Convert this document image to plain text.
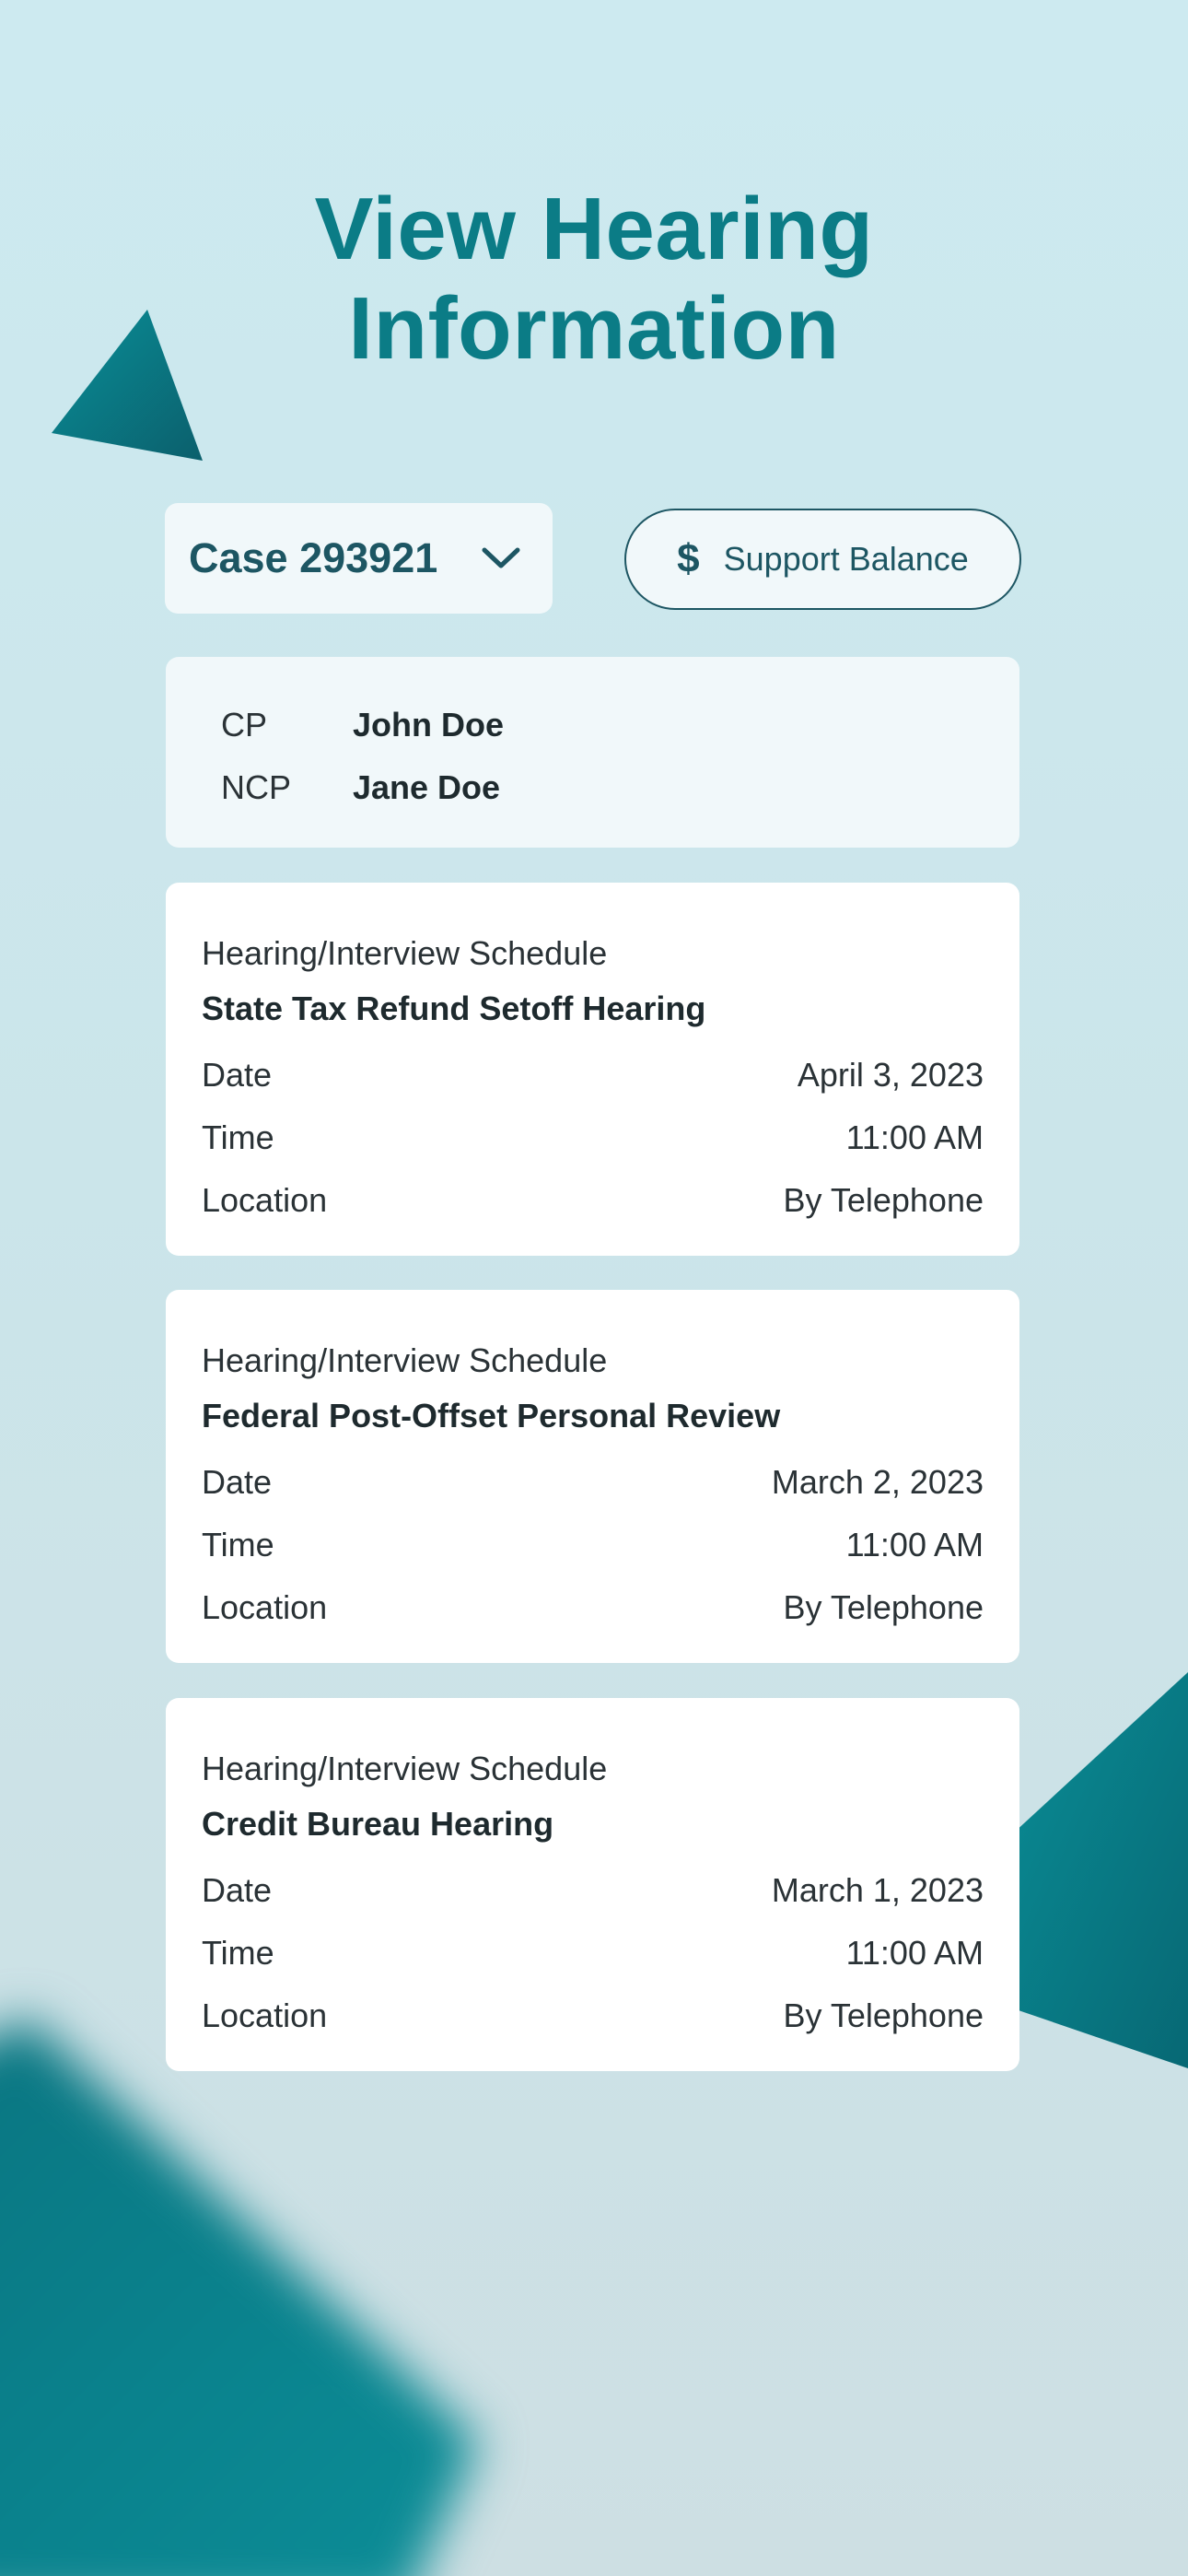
View Hearing
Information
Case 293921	$ Support Balance
CP	John Doe
NCP	Jane Doe
Hearing/Interview Schedule
State Tax Refund Setoff Hearing
Date	April 3, 2023
Time	11:00 AM
Location	By Telephone
Hearing/Interview Schedule
Federal Post-Offset Personal Review
Date	March 2, 2023
Time	11:00 AM
Location	By Telephone
Hearing/Interview Schedule
Credit Bureau Hearing
Date	March 1, 2023
Time	11:00 AM
Location	By Telephone
